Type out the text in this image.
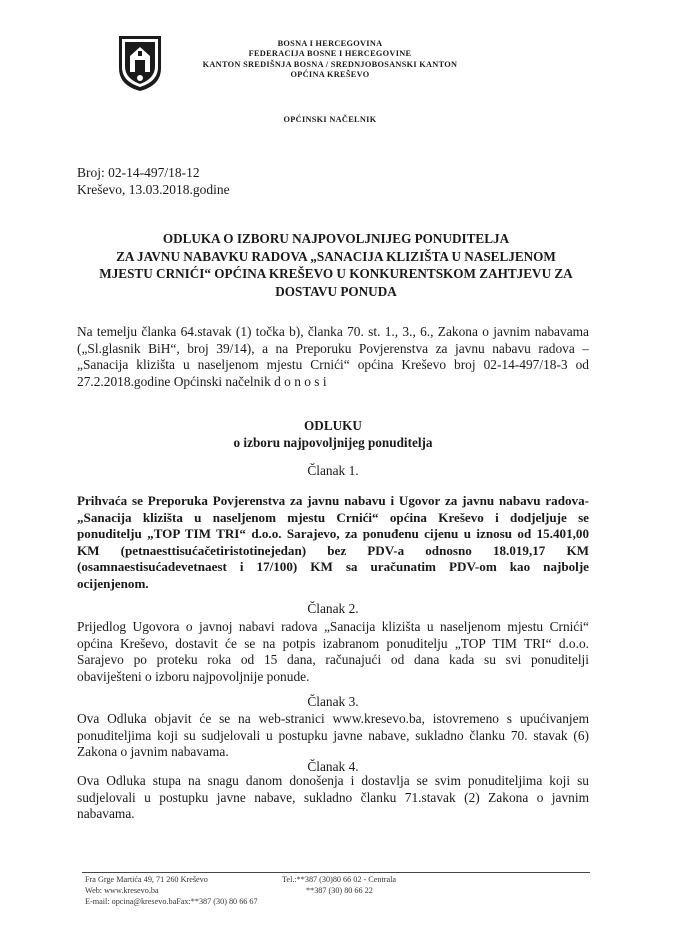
BOSNA I HERCEGOVINA
FEDERACIJA BOSNE I HERCEGOVINE
KANTON SREDIŠNJA BOSNA / SREDNJOBOSANSKI KANTON
OPĆINA KREŠEVO
OPĆINSKI NAČELNIK
Broj: 02-14-497/18-12
Kreševo, 13.03.2018.godine
ODLUKA O IZBORU NAJPOVOLJNIJEG PONUDITELJA
ZA JAVNU NABAVKU RADOVA „SANACIJA KLIZIŠTA U NASELJENOM
MJESTU CRNIĆI“ OPĆINA KREŠEVO U KONKURENTSKOM ZAHTJEVU ZA
DOSTAVU PONUDA
Na temelju članka 64.stavak (1) točka b), članka 70. st. 1., 3., 6., Zakona o javnim nabavama
(„Sl.glasnik BiH“, broj 39/14), a na Preporuku Povjerenstva za javnu nabavu radova –
„Sanacija klizišta u naseljenom mjestu Crnići“ općina Kreševo broj 02-14-497/18-3 od
27.2.2018.godine Općinski načelnik d o n o s i
ODLUKU
o izboru najpovoljnijeg ponuditelja
Članak 1.
Prihvaća se Preporuka Povjerenstva za javnu nabavu i Ugovor za javnu nabavu radova-
„Sanacija klizišta u naseljenom mjestu Crnići“ općina Kreševo i dodjeljuje se
ponuditelju „TOP TIM TRI“ d.o.o. Sarajevo, za ponuđenu cijenu u iznosu od 15.401,00
KM (petnaesttisućačetiristotinejedan) bez PDV-a odnosno 18.019,17 KM
(osamnaestisućadevetnaest i 17/100) KM sa uračunatim PDV-om kao najbolje
ocijenjenom.
Članak 2.
Prijedlog Ugovora o javnoj nabavi radova „Sanacija klizišta u naseljenom mjestu Crnići“
općina Kreševo, dostavit će se na potpis izabranom ponuditelju „TOP TIM TRI“ d.o.o.
Sarajevo po proteku roka od 15 dana, računajući od dana kada su svi ponuditelji
obaviješteni o izboru najpovoljnije ponude.
Članak 3.
Ova Odluka objavit će se na web-stranici www.kresevo.ba, istovremeno s upućivanjem
ponuditeljima koji su sudjelovali u postupku javne nabave, sukladno članku 70. stavak (6)
Zakona o javnim nabavama.
Članak 4.
Ova Odluka stupa na snagu danom donošenja i dostavlja se svim ponuditeljima koji su
sudjelovali u postupku javne nabave, sukladno članku 71.stavak (2) Zakona o javnim
nabavama.
Fra Grge Martića 49, 71 260 Kreševo
Web: www.kresevo.ba
E-mail: opcina@kresevo.baFax:**387 (30) 80 66 67
Tel.:**387 (30)80 66 02 - Centrala
**387 (30) 80 66 22
